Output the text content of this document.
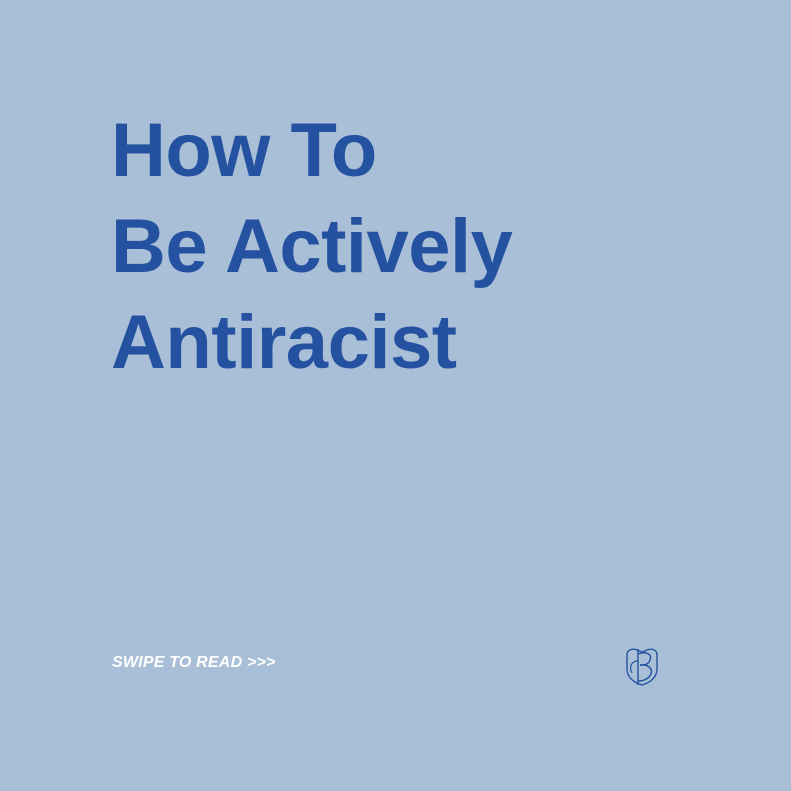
How To
Be Actively
Antiracist
SWIPE TO READ >>>
